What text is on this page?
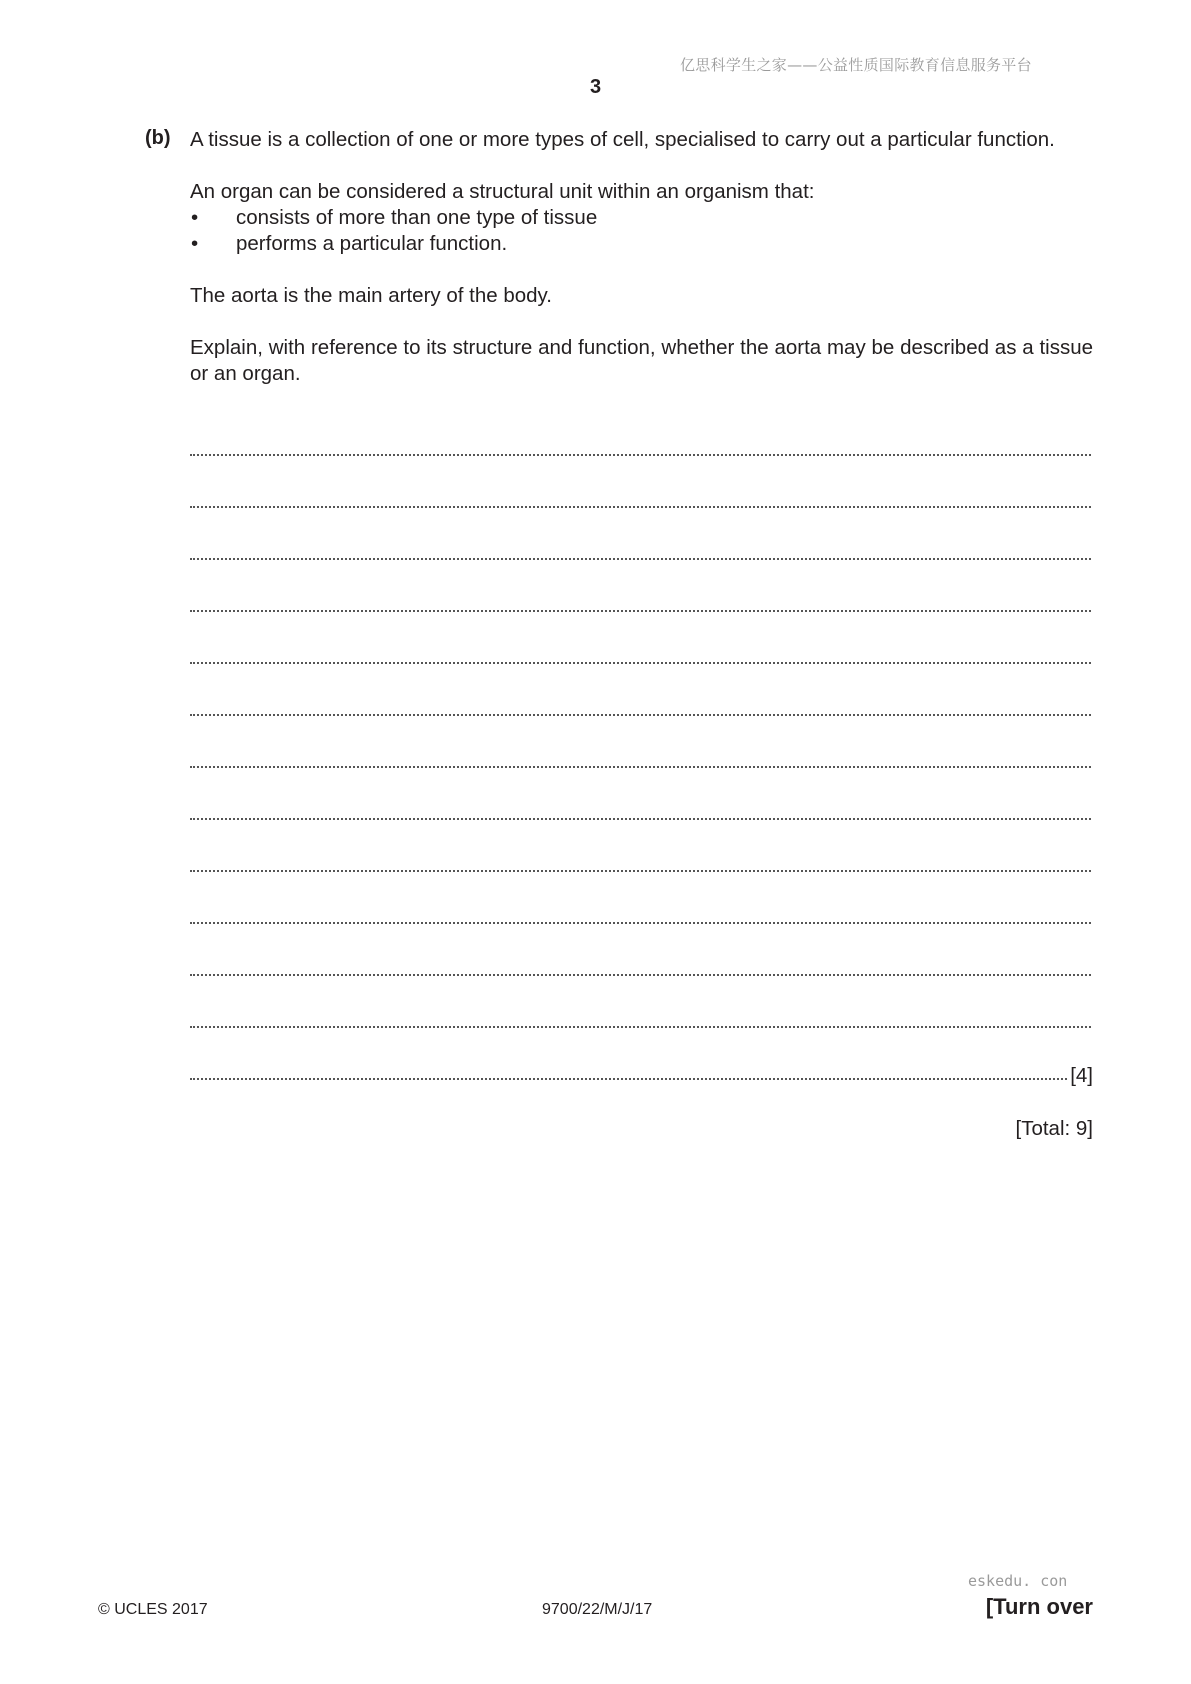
亿思科学生之家——公益性质国际教育信息服务平台
3
(b) A tissue is a collection of one or more types of cell, specialised to carry out a particular function.

An organ can be considered a structural unit within an organism that:

•	consists of more than one type of tissue
•	performs a particular function.

The aorta is the main artery of the body.

Explain, with reference to its structure and function, whether the aorta may be described as a tissue or an organ.

[4]
[Total: 9]
eskedu. con
© UCLES 2017	9700/22/M/J/17	[Turn over
